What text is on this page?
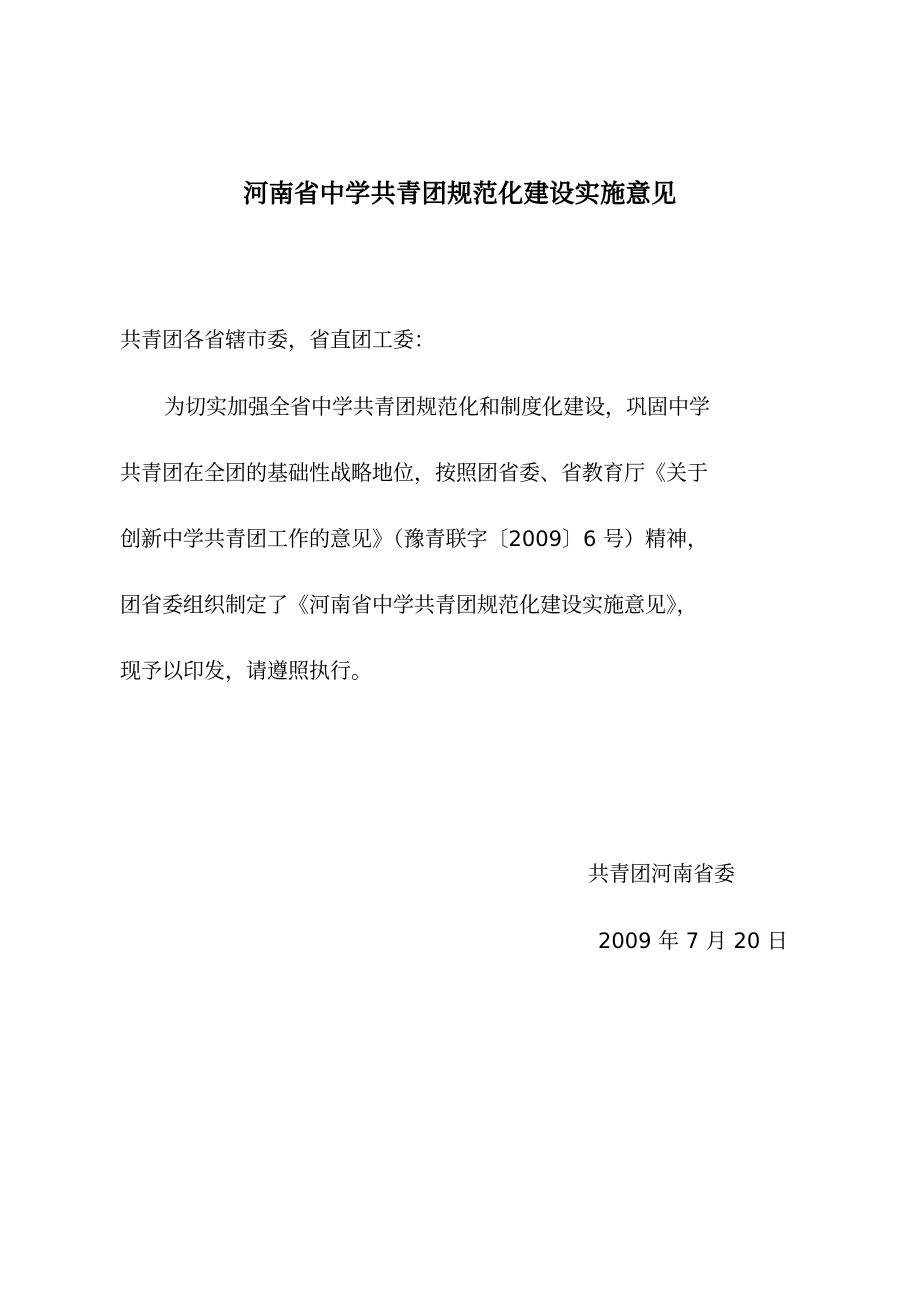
河南省中学共青团规范化建设实施意见
共青团各省辖市委，省直团工委：
为切实加强全省中学共青团规范化和制度化建设，巩固中学
共青团在全团的基础性战略地位，按照团省委、省教育厅《关于
创新中学共青团工作的意见》（豫青联字〔2009〕6 号）精神，
团省委组织制定了《河南省中学共青团规范化建设实施意见》，
现予以印发，请遵照执行。
共青团河南省委
2009 年 7 月 20 日
